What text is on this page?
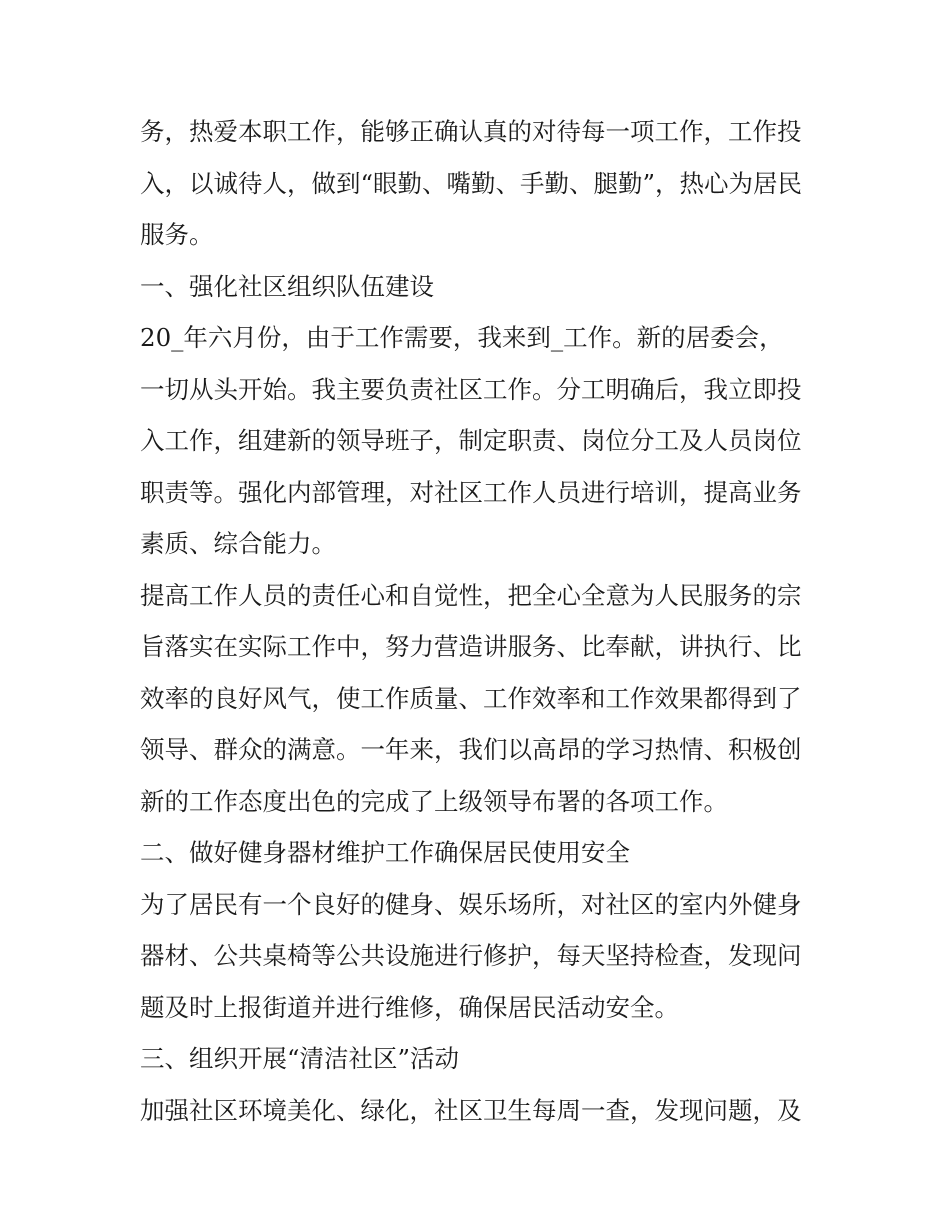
务，热爱本职工作，能够正确认真的对待每一项工作，工作投
入，以诚待人，做到“眼勤、嘴勤、手勤、腿勤”，热心为居民
服务。
一、强化社区组织队伍建设
20_年六月份，由于工作需要，我来到_工作。新的居委会，
一切从头开始。我主要负责社区工作。分工明确后，我立即投
入工作，组建新的领导班子，制定职责、岗位分工及人员岗位
职责等。强化内部管理，对社区工作人员进行培训，提高业务
素质、综合能力。
提高工作人员的责任心和自觉性，把全心全意为人民服务的宗
旨落实在实际工作中，努力营造讲服务、比奉献，讲执行、比
效率的良好风气，使工作质量、工作效率和工作效果都得到了
领导、群众的满意。一年来，我们以高昂的学习热情、积极创
新的工作态度出色的完成了上级领导布署的各项工作。
二、做好健身器材维护工作确保居民使用安全
为了居民有一个良好的健身、娱乐场所，对社区的室内外健身
器材、公共桌椅等公共设施进行修护，每天坚持检查，发现问
题及时上报街道并进行维修，确保居民活动安全。
三、组织开展“清洁社区”活动
加强社区环境美化、绿化，社区卫生每周一查，发现问题，及
